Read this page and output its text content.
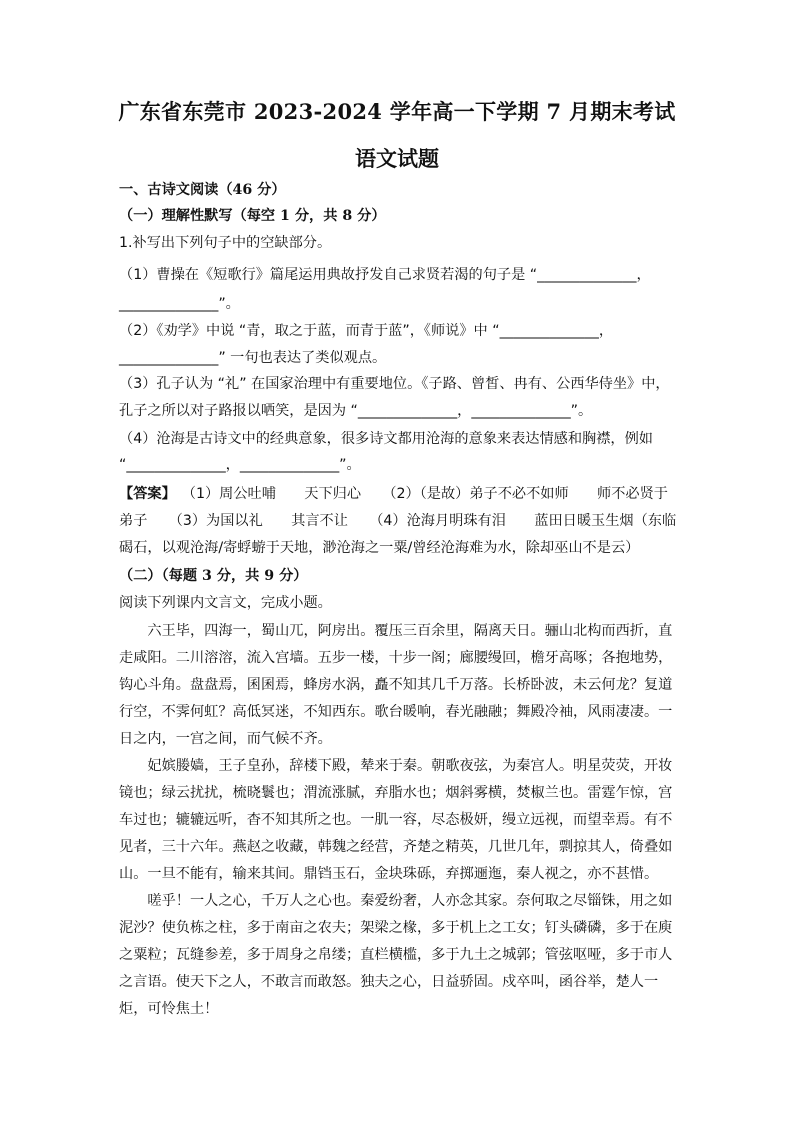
广东省东莞市 2023-2024 学年高一下学期 7 月期末考试
语文试题
一、古诗文阅读（46 分）
（一）理解性默写（每空 1 分，共 8 分）
1.补写出下列句子中的空缺部分。
（1）曹操在《短歌行》篇尾运用典故抒发自己求贤若渴的句子是 “______________，
______________”。
（2）《劝学》中说 “青，取之于蓝，而青于蓝”，《师说》中 “______________，
______________” 一句也表达了类似观点。
（3）孔子认为 “礼” 在国家治理中有重要地位。《子路、曾皙、冉有、公西华侍坐》中，
孔子之所以对子路报以哂笑，是因为 “______________，______________”。
（4）沧海是古诗文中的经典意象，很多诗文都用沧海的意象来表达情感和胸襟，例如
“______________，______________”。
【答案】 （1）周公吐哺　　天下归心　　（2）（是故）弟子不必不如师　　师不必贤于
弟子　　（3）为国以礼　　其言不让　　（4）沧海月明珠有泪　　蓝田日暖玉生烟（东临
碣石，以观沧海/寄蜉蝣于天地，渺沧海之一粟/曾经沧海难为水，除却巫山不是云）
（二）（每题 3 分，共 9 分）
阅读下列课内文言文，完成小题。
　　六王毕，四海一，蜀山兀，阿房出。覆压三百余里，隔离天日。骊山北构而西折，直
走咸阳。二川溶溶，流入宫墙。五步一楼，十步一阁；廊腰缦回，檐牙高啄；各抱地势，
钩心斗角。盘盘焉，囷囷焉，蜂房水涡，矗不知其几千万落。长桥卧波，未云何龙？复道
行空，不霁何虹？高低冥迷，不知西东。歌台暖响，春光融融；舞殿冷袖，风雨凄凄。一
日之内，一宫之间，而气候不齐。
　　妃嫔媵嫱，王子皇孙，辞楼下殿，辇来于秦。朝歌夜弦，为秦宫人。明星荧荧，开妆
镜也；绿云扰扰，梳晓鬟也；渭流涨腻，弃脂水也；烟斜雾横，焚椒兰也。雷霆乍惊，宫
车过也；辘辘远听，杳不知其所之也。一肌一容，尽态极妍，缦立远视，而望幸焉。有不
见者，三十六年。燕赵之收藏，韩魏之经营，齐楚之精英，几世几年，剽掠其人，倚叠如
山。一旦不能有，输来其间。鼎铛玉石，金块珠砾，弃掷逦迤，秦人视之，亦不甚惜。
　　嗟乎！一人之心，千万人之心也。秦爱纷奢，人亦念其家。奈何取之尽锱铢，用之如
泥沙？使负栋之柱，多于南亩之农夫；架梁之椽，多于机上之工女；钉头磷磷，多于在庾
之粟粒；瓦缝参差，多于周身之帛缕；直栏横槛，多于九土之城郭；管弦呕哑，多于市人
之言语。使天下之人，不敢言而敢怒。独夫之心，日益骄固。戍卒叫，函谷举，楚人一
炬，可怜焦土！
